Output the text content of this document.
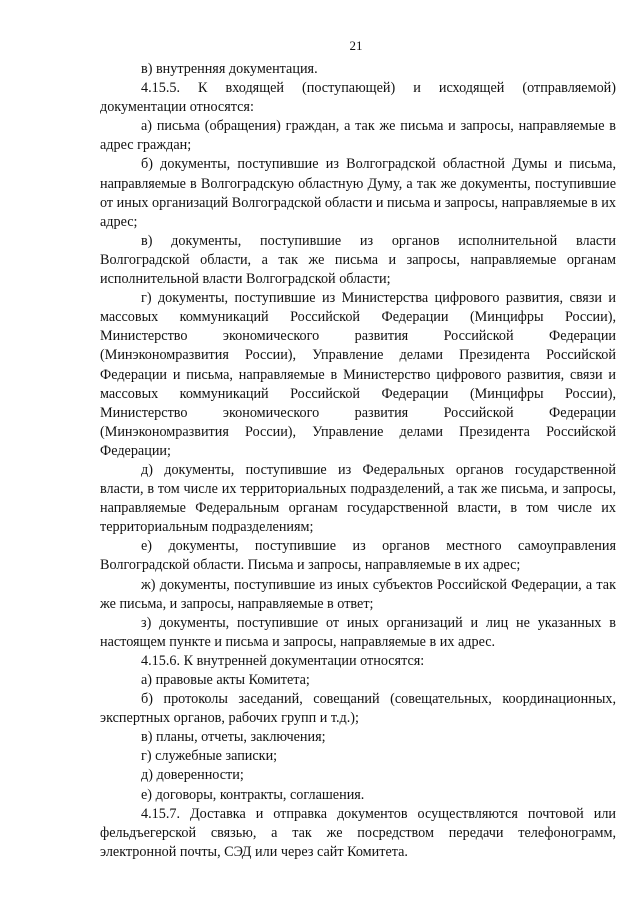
21

в) внутренняя документация.

4.15.5. К входящей (поступающей) и исходящей (отправляемой) документации относятся:

а) письма (обращения) граждан, а так же письма и запросы, направляемые в адрес граждан;

б) документы, поступившие из Волгоградской областной Думы и письма, направляемые в Волгоградскую областную Думу, а так же документы, поступившие от иных организаций Волгоградской области и письма и запросы, направляемые в их адрес;

в) документы, поступившие из органов исполнительной власти Волгоградской области, а так же письма и запросы, направляемые органам исполнительной власти Волгоградской области;

г) документы, поступившие из Министерства цифрового развития, связи и массовых коммуникаций Российской Федерации (Минцифры России), Министерство экономического развития Российской Федерации (Минэкономразвития России), Управление делами Президента Российской Федерации и письма, направляемые в Министерство цифрового развития, связи и массовых коммуникаций Российской Федерации (Минцифры России), Министерство экономического развития Российской Федерации (Минэкономразвития России), Управление делами Президента Российской Федерации;

д) документы, поступившие из Федеральных органов государственной власти, в том числе их территориальных подразделений, а так же письма, и запросы, направляемые Федеральным органам государственной власти, в том числе их территориальным подразделениям;

е) документы, поступившие из органов местного самоуправления Волгоградской области. Письма и запросы, направляемые в их адрес;

ж) документы, поступившие из иных субъектов Российской Федерации, а так же письма, и запросы, направляемые в ответ;

з) документы, поступившие от иных организаций и лиц не указанных в настоящем пункте и письма и запросы, направляемые в их адрес.

4.15.6. К внутренней документации относятся:

а) правовые акты Комитета;

б) протоколы заседаний, совещаний (совещательных, координационных, экспертных органов, рабочих групп и т.д.);

в) планы, отчеты, заключения;

г) служебные записки;

д) доверенности;

е) договоры, контракты, соглашения.

4.15.7. Доставка и отправка документов осуществляются почтовой или фельдъегерской связью, а так же посредством передачи телефонограмм, электронной почты, СЭД или через сайт Комитета.
